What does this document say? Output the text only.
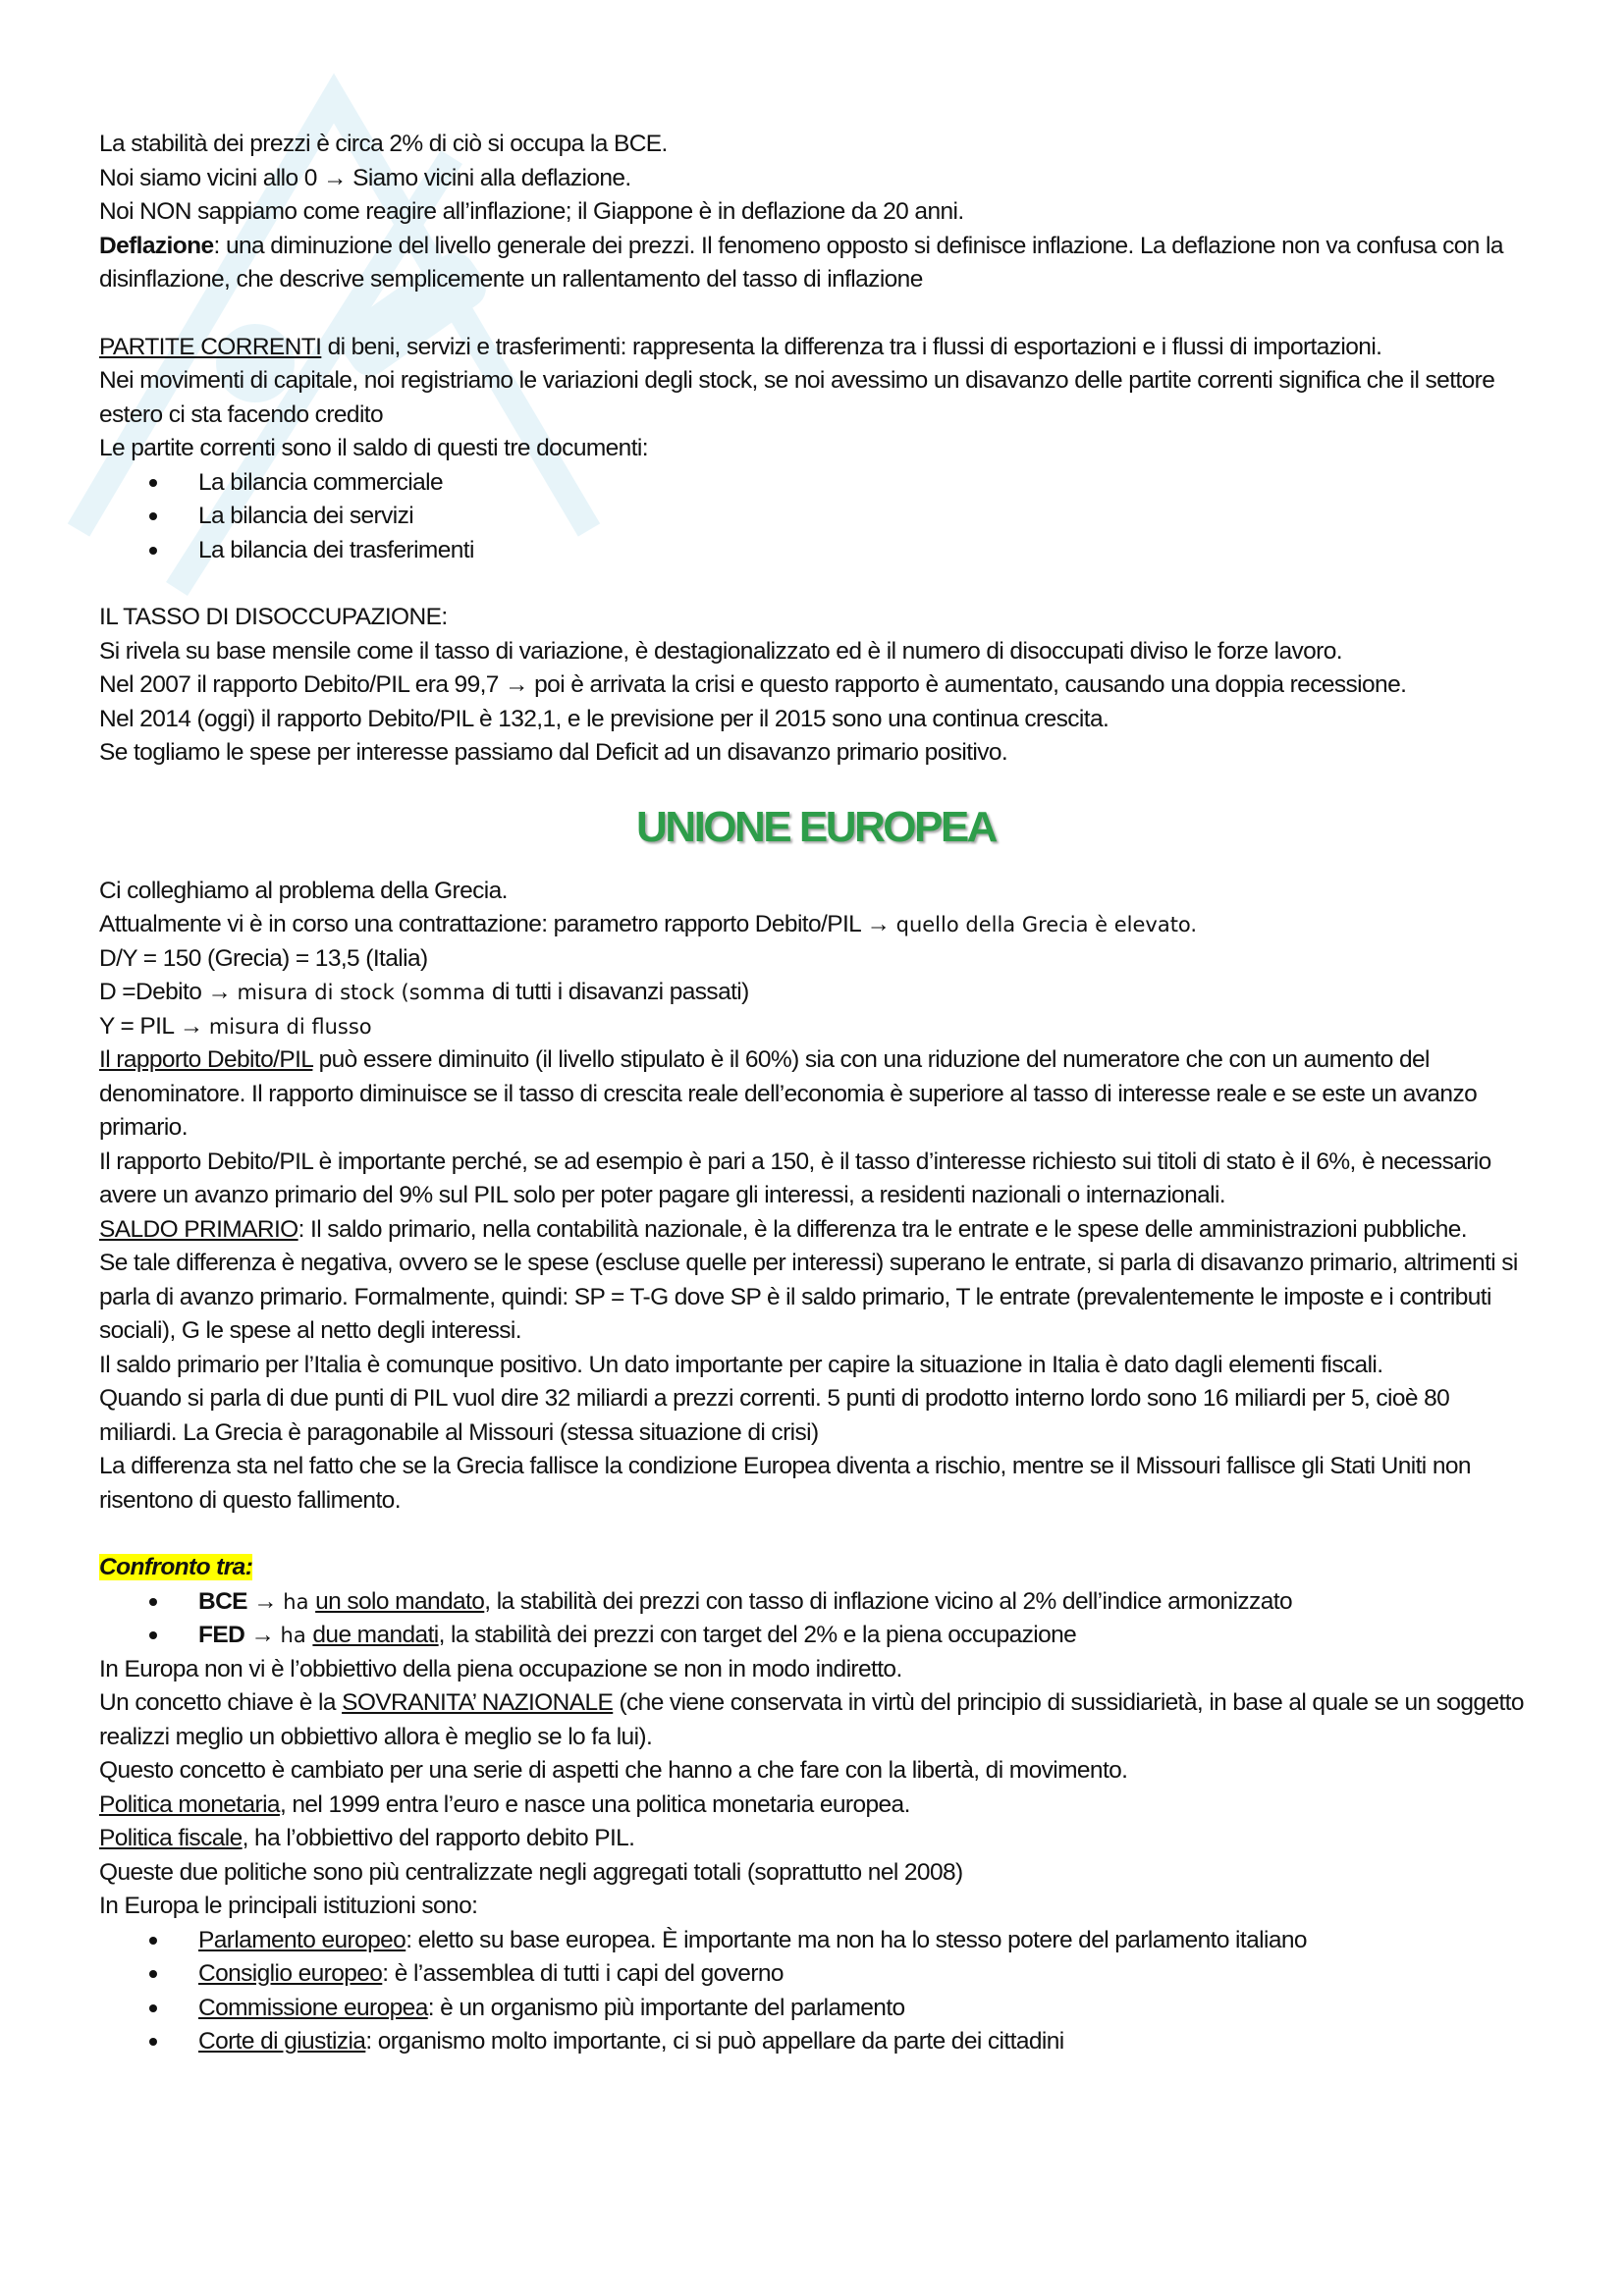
La stabilità dei prezzi è circa 2% di ciò si occupa la BCE.

Noi siamo vicini allo 0 → Siamo vicini alla deflazione.

Noi NON sappiamo come reagire all’inflazione; il Giappone è in deflazione da 20 anni.

Deflazione: una diminuzione del livello generale dei prezzi. Il fenomeno opposto si definisce inflazione. La deflazione non va confusa con la disinflazione, che descrive semplicemente un rallentamento del tasso di inflazione

PARTITE CORRENTI di beni, servizi e trasferimenti: rappresenta la differenza tra i flussi di esportazioni e i flussi di importazioni.

Nei movimenti di capitale, noi registriamo le variazioni degli stock, se noi avessimo un disavanzo delle partite correnti significa che il settore estero ci sta facendo credito

Le partite correnti sono il saldo di questi tre documenti:

La bilancia commerciale
La bilancia dei servizi
La bilancia dei trasferimenti

IL TASSO DI DISOCCUPAZIONE:

Si rivela su base mensile come il tasso di variazione, è destagionalizzato ed è il numero di disoccupati diviso le forze lavoro.

Nel 2007 il rapporto Debito/PIL era 99,7 → poi è arrivata la crisi e questo rapporto è aumentato, causando una doppia recessione.

Nel 2014 (oggi) il rapporto Debito/PIL è 132,1, e le previsione per il 2015 sono una continua crescita.

Se togliamo le spese per interesse passiamo dal Deficit ad un disavanzo primario positivo.

UNIONE EUROPEA

Ci colleghiamo al problema della Grecia.

Attualmente vi è in corso una contrattazione: parametro rapporto Debito/PIL → quello della Grecia è elevato.

D/Y = 150 (Grecia) = 13,5 (Italia)

D =Debito → misura di stock (somma di tutti i disavanzi passati)

Y = PIL → misura di flusso

Il rapporto Debito/PIL può essere diminuito (il livello stipulato è il 60%) sia con una riduzione del numeratore che con un aumento del denominatore. Il rapporto diminuisce se il tasso di crescita reale dell’economia è superiore al tasso di interesse reale e se este un avanzo primario.

Il rapporto Debito/PIL è importante perché, se ad esempio è pari a 150, è il tasso d’interesse richiesto sui titoli di stato è il 6%, è necessario avere un avanzo primario del 9% sul PIL solo per poter pagare gli interessi, a residenti nazionali o internazionali.

SALDO PRIMARIO: Il saldo primario, nella contabilità nazionale, è la differenza tra le entrate e le spese delle amministrazioni pubbliche.

Se tale differenza è negativa, ovvero se le spese (escluse quelle per interessi) superano le entrate, si parla di disavanzo primario, altrimenti si parla di avanzo primario. Formalmente, quindi: SP = T-G dove SP è il saldo primario, T le entrate (prevalentemente le imposte e i contributi sociali), G le spese al netto degli interessi.

Il saldo primario per l’Italia è comunque positivo. Un dato importante per capire la situazione in Italia è dato dagli elementi fiscali.

Quando si parla di due punti di PIL vuol dire 32 miliardi a prezzi correnti. 5 punti di prodotto interno lordo sono 16 miliardi per 5, cioè 80 miliardi. La Grecia è paragonabile al Missouri (stessa situazione di crisi)

La differenza sta nel fatto che se la Grecia fallisce la condizione Europea diventa a rischio, mentre se il Missouri fallisce gli Stati Uniti non risentono di questo fallimento.

Confronto tra:

BCE → ha un solo mandato, la stabilità dei prezzi con tasso di inflazione vicino al 2% dell’indice armonizzato
FED → ha due mandati, la stabilità dei prezzi con target del 2% e la piena occupazione

In Europa non vi è l’obbiettivo della piena occupazione se non in modo indiretto.

Un concetto chiave è la SOVRANITA’ NAZIONALE (che viene conservata in virtù del principio di sussidiarietà, in base al quale se un soggetto realizzi meglio un obbiettivo allora è meglio se lo fa lui).

Questo concetto è cambiato per una serie di aspetti che hanno a che fare con la libertà, di movimento.

Politica monetaria, nel 1999 entra l’euro e nasce una politica monetaria europea.

Politica fiscale, ha l’obbiettivo del rapporto debito PIL.

Queste due politiche sono più centralizzate negli aggregati totali (soprattutto nel 2008)

In Europa le principali istituzioni sono:

Parlamento europeo: eletto su base europea. È importante ma non ha lo stesso potere del parlamento italiano
Consiglio europeo: è l’assemblea di tutti i capi del governo
Commissione europea: è un organismo più importante del parlamento
Corte di giustizia: organismo molto importante, ci si può appellare da parte dei cittadini
